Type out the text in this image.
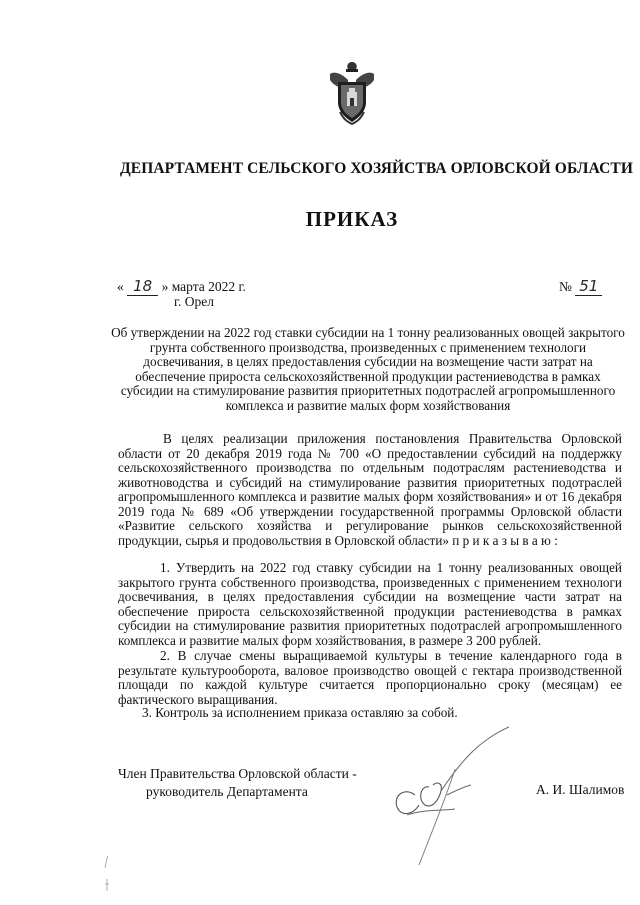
ДЕПАРТАМЕНТ СЕЛЬСКОГО ХОЗЯЙСТВА ОРЛОВСКОЙ ОБЛАСТИ
ПРИКАЗ
« 18 » марта 2022 г.
г. Орел
№ 51
Об утверждении на 2022 год ставки субсидии на 1 тонну реализованных овощей закрытого грунта собственного производства, произведенных с применением технологи досвечивания, в целях предоставления субсидии на возмещение части затрат на обеспечение прироста сельскохозяйственной продукции растениеводства в рамках субсидии на стимулирование развития приоритетных подотраслей агропромышленного комплекса и развитие малых форм хозяйствования

В целях реализации приложения постановления Правительства Орловской области от 20 декабря 2019 года № 700 «О предоставлении субсидий на поддержку сельскохозяйственного производства по отдельным подотраслям растениеводства и животноводства и субсидий на стимулирование развития приоритетных подотраслей агропромышленного комплекса и развитие малых форм хозяйствования» и от 16 декабря 2019 года № 689 «Об утверждении государственной программы Орловской области «Развитие сельского хозяйства и регулирование рынков сельскохозяйственной продукции, сырья и продовольствия в Орловской области» п р и к а з ы в а ю :

1. Утвердить на 2022 год ставку субсидии на 1 тонну реализованных овощей закрытого грунта собственного производства, произведенных с применением технологи досвечивания, в целях предоставления субсидии на возмещение части затрат на обеспечение прироста сельскохозяйственной продукции растениеводства в рамках субсидии на стимулирование развития приоритетных подотраслей агропромышленного комплекса и развитие малых форм хозяйствования, в размере 3 200 рублей.

2. В случае смены выращиваемой культуры в течение календарного года в результате культурооборота, валовое производство овощей с гектара производственной площади по каждой культуре считается пропорционально сроку (месяцам) ее фактического выращивания.

3. Контроль за исполнением приказа оставляю за собой.

Член Правительства Орловской области -
руководитель Департамента	А. И. Шалимов
